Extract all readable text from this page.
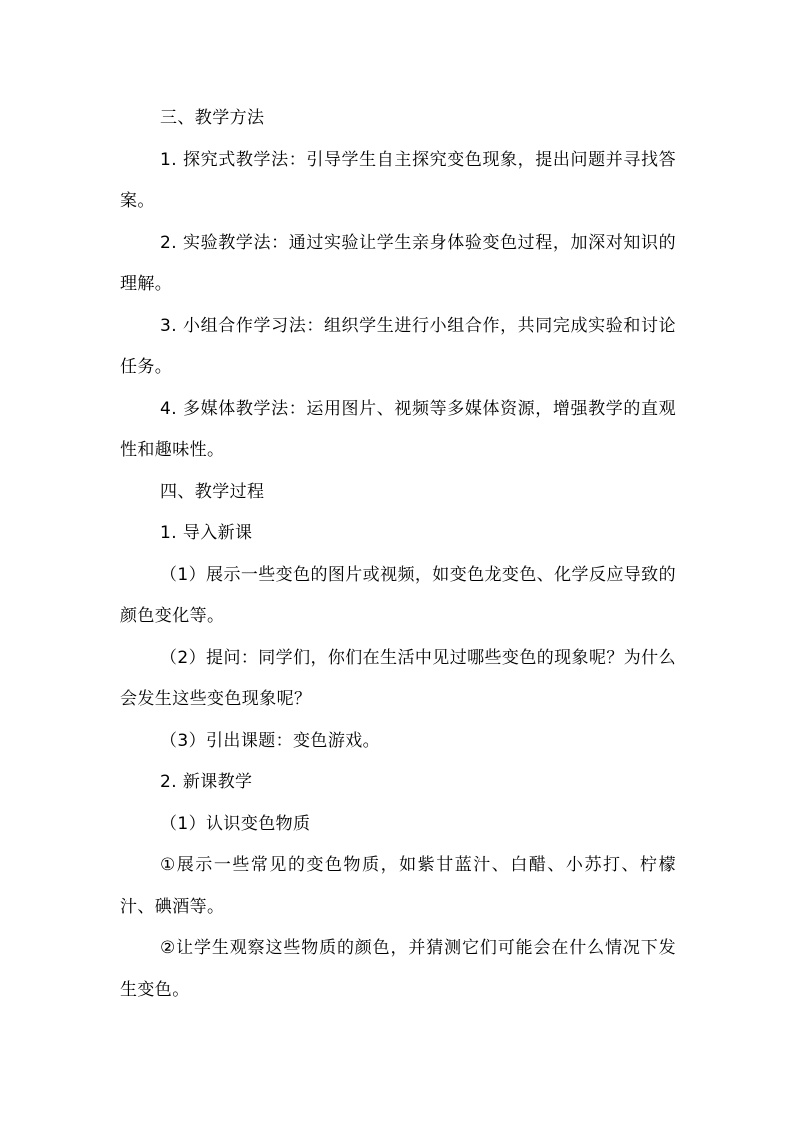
三、教学方法

1. 探究式教学法：引导学生自主探究变色现象，提出问题并寻找答案。

2. 实验教学法：通过实验让学生亲身体验变色过程，加深对知识的理解。

3. 小组合作学习法：组织学生进行小组合作，共同完成实验和讨论任务。

4. 多媒体教学法：运用图片、视频等多媒体资源，增强教学的直观性和趣味性。

四、教学过程

1. 导入新课

（1）展示一些变色的图片或视频，如变色龙变色、化学反应导致的颜色变化等。

（2）提问：同学们，你们在生活中见过哪些变色的现象呢？为什么会发生这些变色现象呢？

（3）引出课题：变色游戏。

2. 新课教学

（1）认识变色物质

①展示一些常见的变色物质，如紫甘蓝汁、白醋、小苏打、柠檬汁、碘酒等。

②让学生观察这些物质的颜色，并猜测它们可能会在什么情况下发生变色。
